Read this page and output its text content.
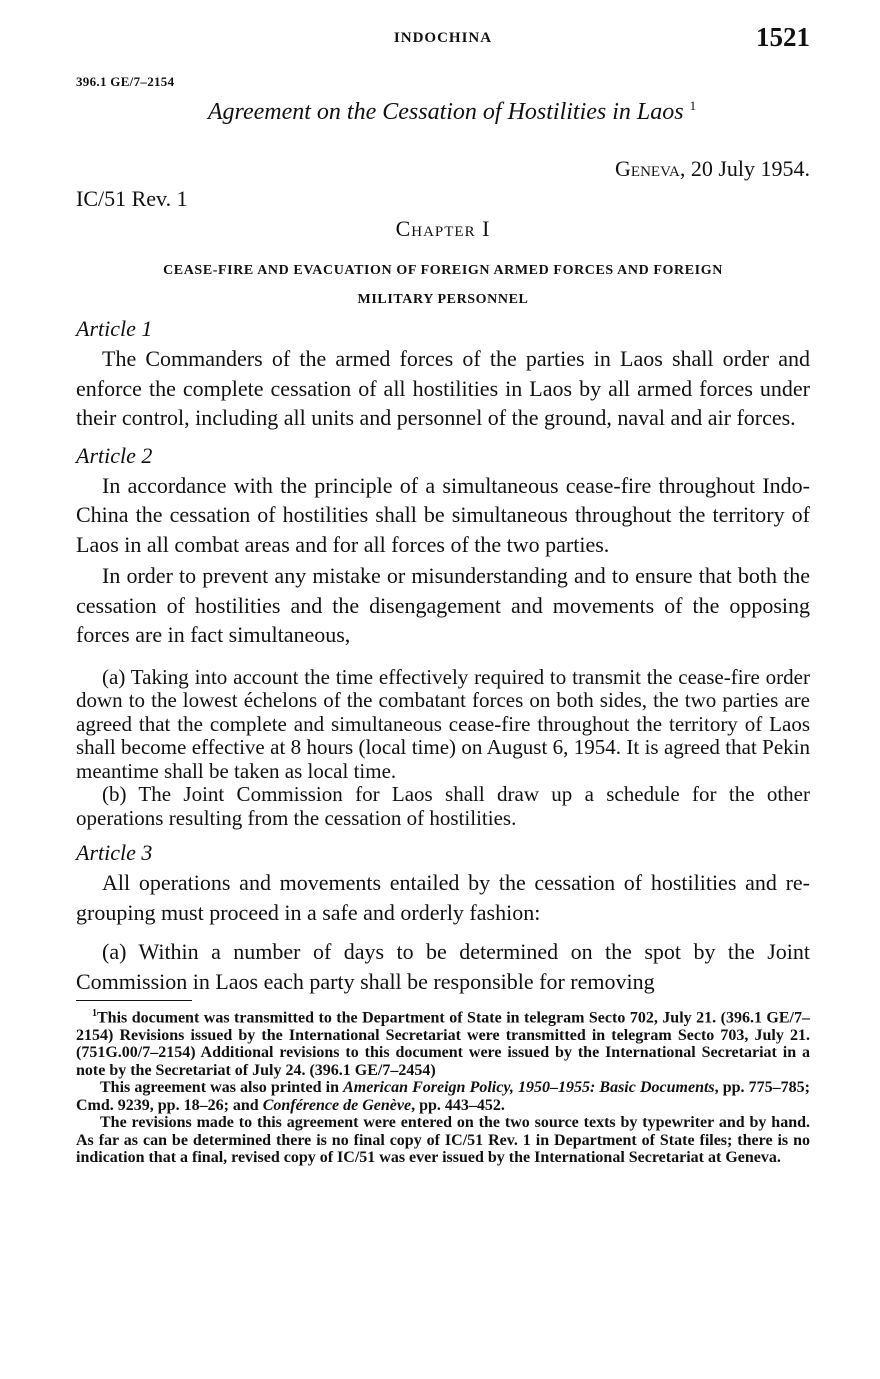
INDOCHINA	1521
396.1 GE/7–2154
Agreement on the Cessation of Hostilities in Laos $^1$
Geneva, 20 July 1954.
IC/51 Rev. 1
Chapter I
CEASE-FIRE AND EVACUATION OF FOREIGN ARMED FORCES AND FOREIGN
MILITARY PERSONNEL
Article 1

The Commanders of the armed forces of the parties in Laos shall order and enforce the complete cessation of all hostilities in Laos by all armed forces under their control, including all units and personnel of the ground, naval and air forces.

Article 2

In accordance with the principle of a simultaneous cease-fire throughout Indo-China the cessation of hostilities shall be simultaneous throughout the territory of Laos in all combat areas and for all forces of the two parties.

In order to prevent any mistake or misunderstanding and to ensure that both the cessation of hostilities and the disengagement and movements of the opposing forces are in fact simultaneous,

(a) Taking into account the time effectively required to transmit the cease-fire order down to the lowest échelons of the combatant forces on both sides, the two parties are agreed that the complete and simultaneous cease-fire throughout the territory of Laos shall become effective at 8 hours (local time) on August 6, 1954. It is agreed that Pekin meantime shall be taken as local time.

(b) The Joint Commission for Laos shall draw up a schedule for the other operations resulting from the cessation of hostilities.

Article 3

All operations and movements entailed by the cessation of hostilities and re-grouping must proceed in a safe and orderly fashion:

(a) Within a number of days to be determined on the spot by the Joint Commission in Laos each party shall be responsible for removing

$^1$This document was transmitted to the Department of State in telegram Secto 702, July 21. (396.1 GE/7–2154) Revisions issued by the International Secretariat were transmitted in telegram Secto 703, July 21. (751G.00/7–2154) Additional revisions to this document were issued by the International Secretariat in a note by the Secretariat of July 24. (396.1 GE/7–2454)

This agreement was also printed in American Foreign Policy, 1950–1955: Basic Documents, pp. 775–785; Cmd. 9239, pp. 18–26; and Conférence de Genève, pp. 443–452.

The revisions made to this agreement were entered on the two source texts by typewriter and by hand. As far as can be determined there is no final copy of IC/51 Rev. 1 in Department of State files; there is no indication that a final, revised copy of IC/51 was ever issued by the International Secretariat at Geneva.
